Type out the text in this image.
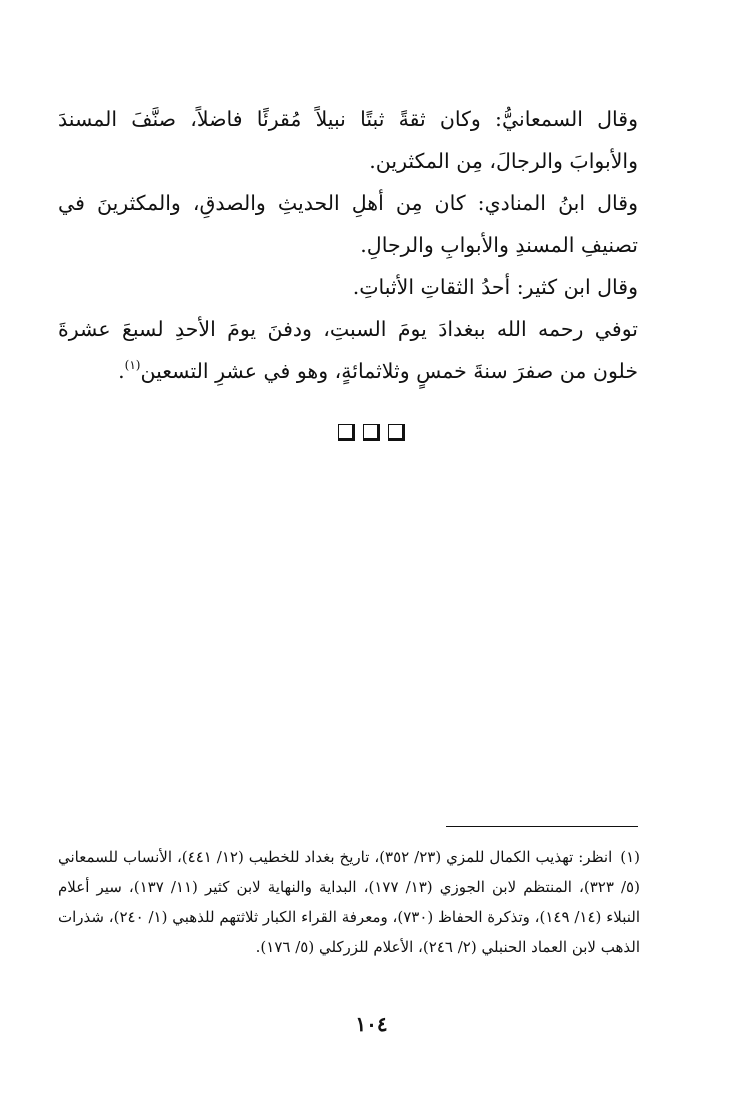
وقال السمعانيُّ: وكان ثقةً ثبتًا نبيلاً مُقرئًا فاضلاً، صنَّفَ المسندَ والأبوابَ والرجالَ، مِن المكثرين.

وقال ابنُ المنادي: كان مِن أهلِ الحديثِ والصدقِ، والمكثرينَ في تصنيفِ المسندِ والأبوابِ والرجالِ.

وقال ابن كثير: أحدُ الثقاتِ الأثباتِ.

توفي رحمه الله ببغدادَ يومَ السبتِ، ودفنَ يومَ الأحدِ لسبعَ عشرةَ خلون من صفرَ سنةَ خمسٍ وثلاثمائةٍ، وهو في عشرِ التسعين$^{(١)}$.

(١)انظر: تهذيب الكمال للمزي (٢٣/ ٣٥٢)، تاريخ بغداد للخطيب (١٢/ ٤٤١)، الأنساب للسمعاني (٥/ ٣٢٣)، المنتظم لابن الجوزي (١٣/ ١٧٧)، البداية والنهاية لابن كثير (١١/ ١٣٧)، سير أعلام النبلاء (١٤/ ١٤٩)، وتذكرة الحفاظ (٧٣٠)، ومعرفة القراء الكبار ثلاثتهم للذهبي (١/ ٢٤٠)، شذرات الذهب لابن العماد الحنبلي (٢/ ٢٤٦)، الأعلام للزركلي (٥/ ١٧٦).
١٠٤
